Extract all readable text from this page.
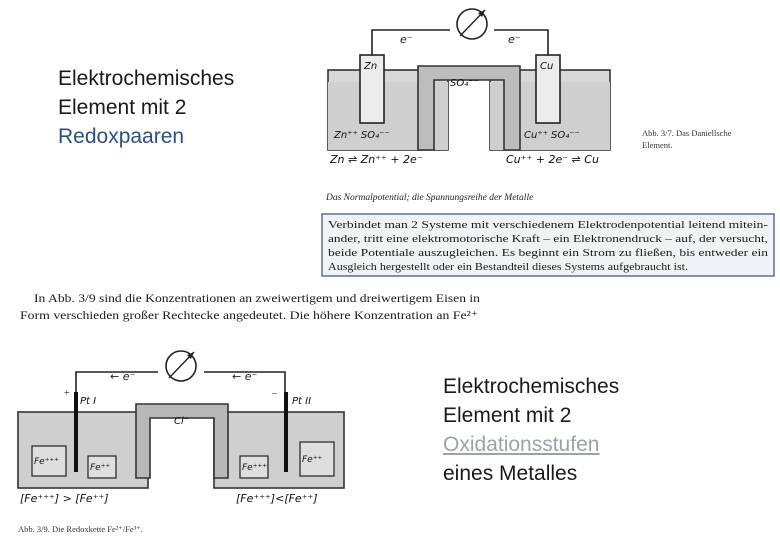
Elektrochemisches
Element mit 2
Redoxpaaren
e⁻	e⁻
SO₄⁻⁻
Zn	Cu
Zn⁺⁺ SO₄⁻⁻	Cu⁺⁺ SO₄⁻⁻
Zn ⇌ Zn⁺⁺ + 2e⁻	Cu⁺⁺ + 2e⁻ ⇌ Cu
Abb. 3/7. Das Daniellsche
Element.
Das Normalpotential; die Spannungsreihe der Metalle
Verbindet man 2 Systeme mit verschiedenem Elektrodenpotential leitend mitein-
ander, tritt eine elektromotorische Kraft – ein Elektronendruck – auf, der versucht,
beide Potentiale auszugleichen. Es beginnt ein Strom zu fließen, bis entweder ein
Ausgleich hergestellt oder ein Bestandteil dieses Systems aufgebraucht ist.
In Abb. 3/9 sind die Konzentrationen an zweiwertigem und dreiwertigem Eisen in
Form verschieden großer Rechtecke angedeutet. Die höhere Konzentration an Fe²⁺
← e⁻	← e⁻
+	–
Cl⁻
Pt I	Pt II
Fe⁺⁺⁺
Fe⁺⁺	Fe⁺⁺⁺
Fe⁺⁺
[Fe⁺⁺⁺] > [Fe⁺⁺]	[Fe⁺⁺⁺]<[Fe⁺⁺]
Abb. 3/9. Die Redoxkette Fe²⁺/Fe³⁺.
Elektrochemisches
Element mit 2
Oxidationsstufen
eines Metalles
